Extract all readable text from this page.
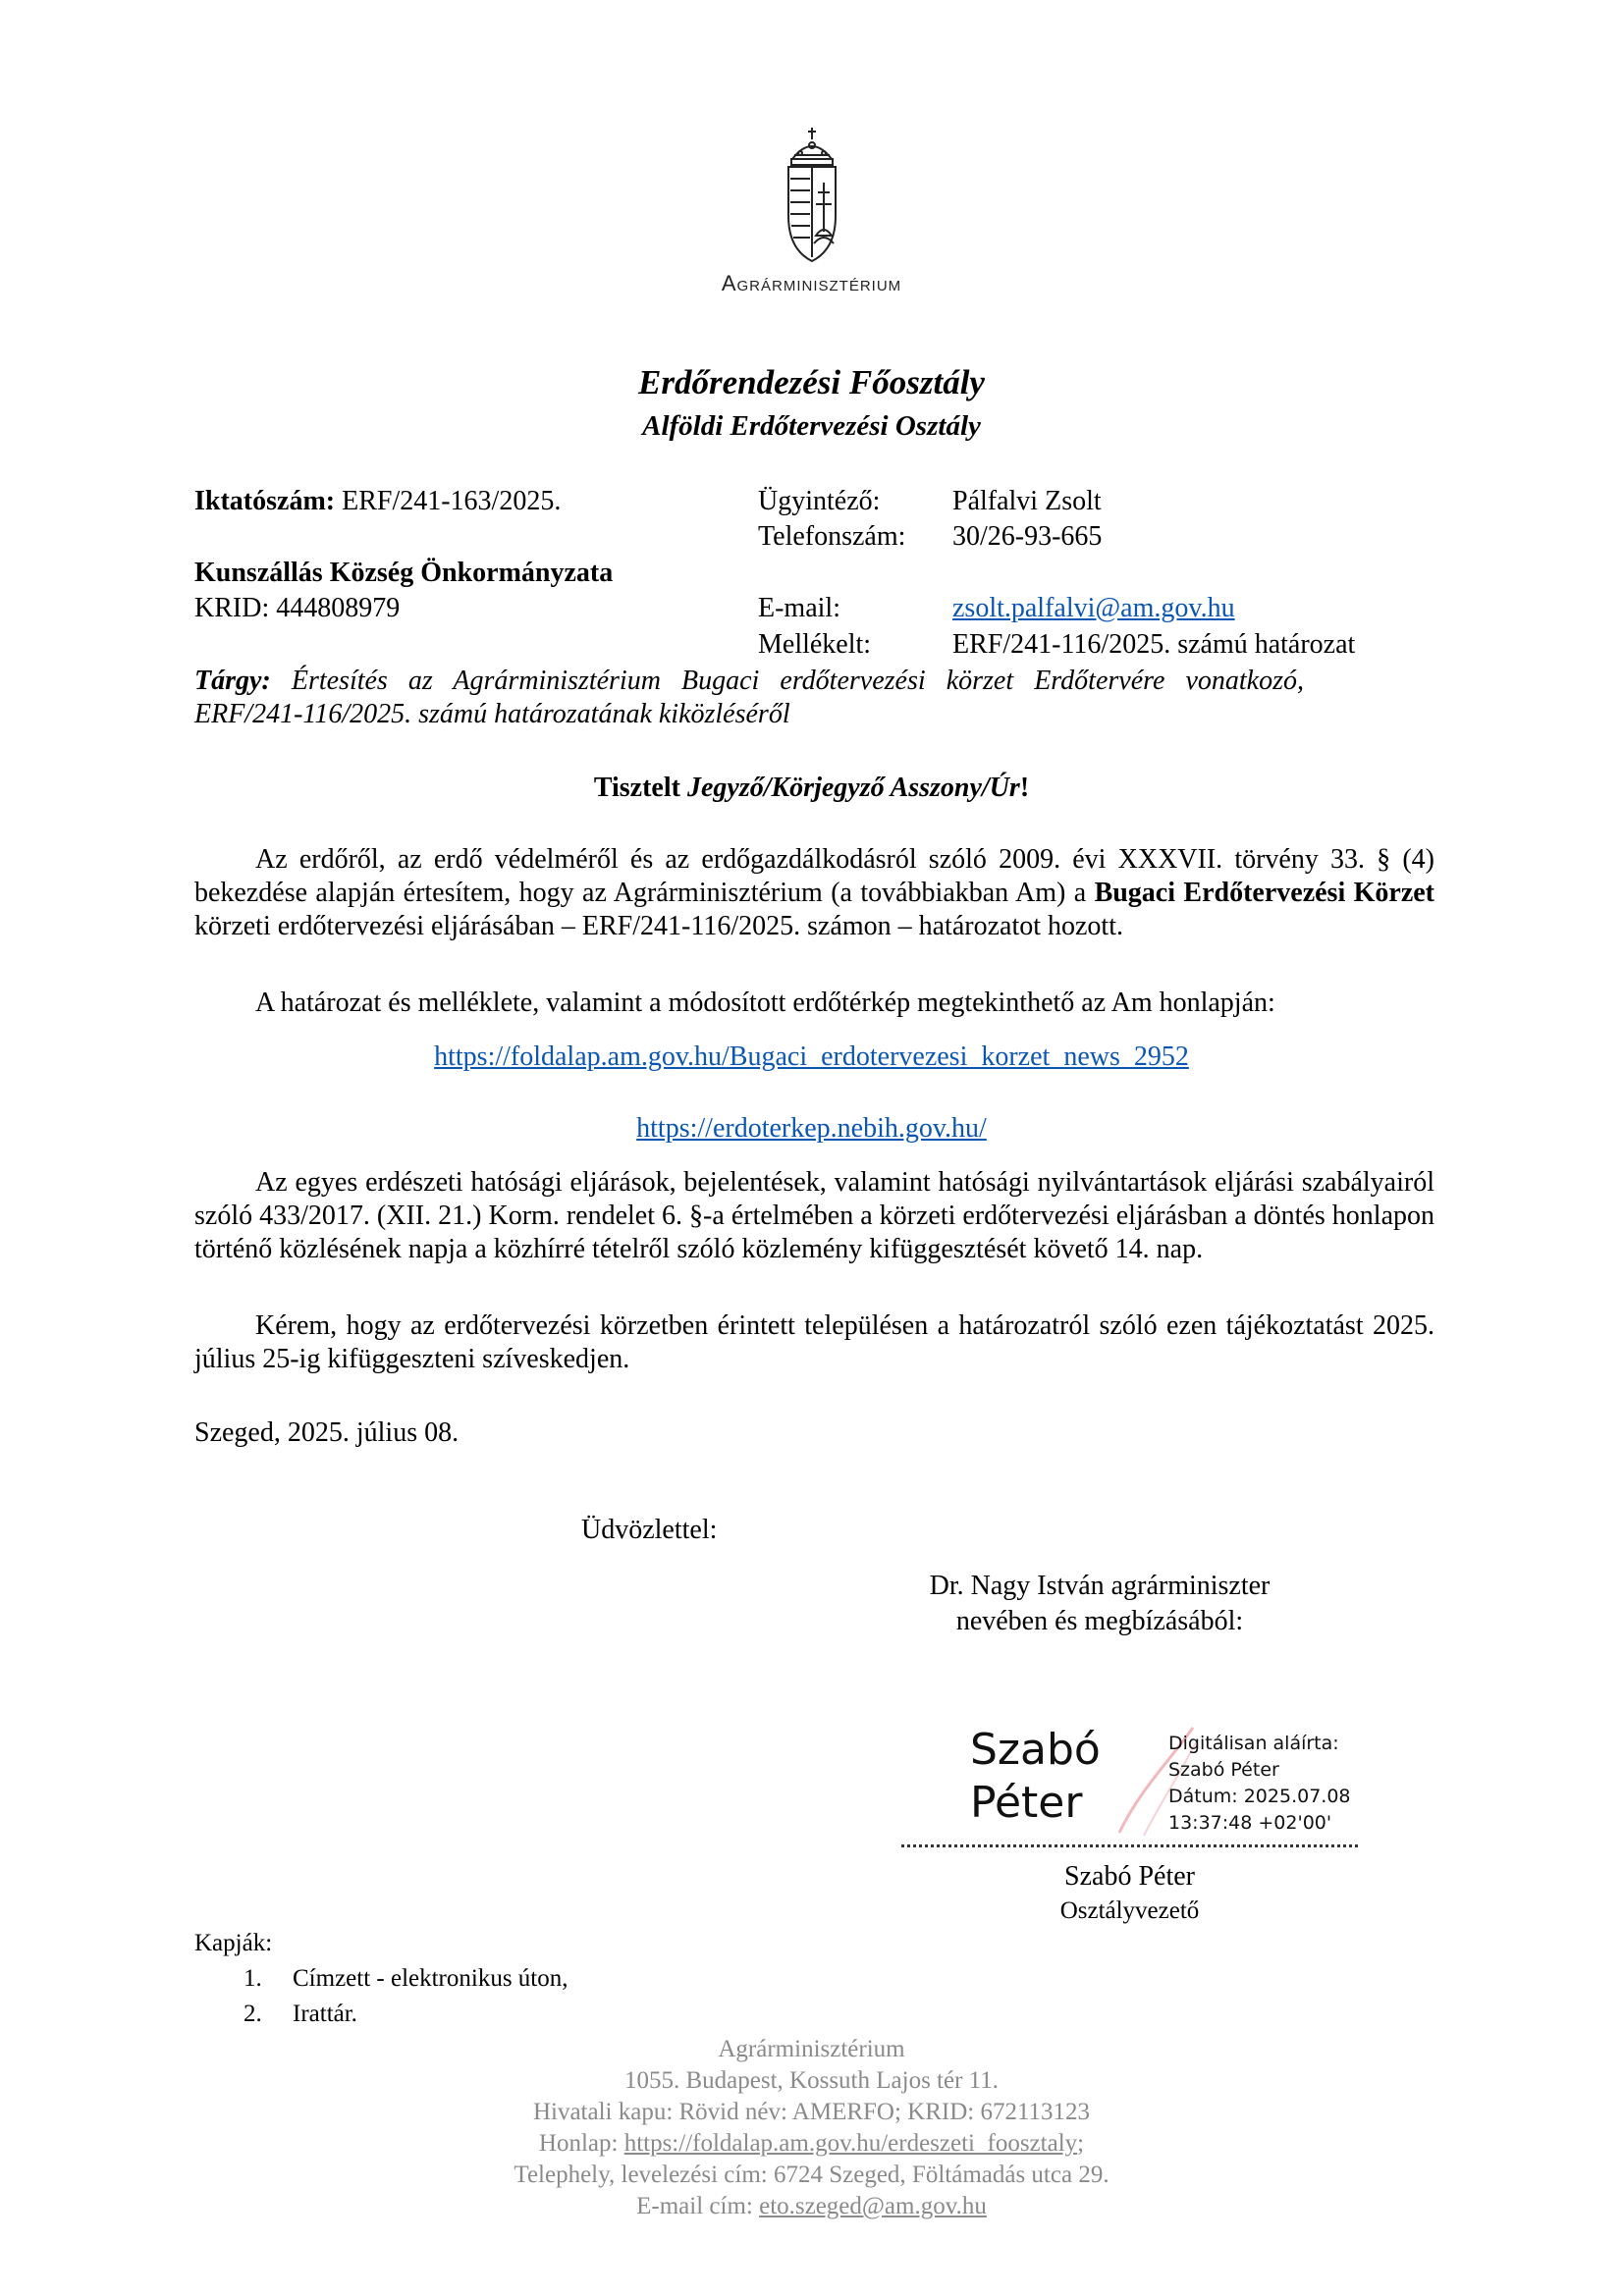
Agrárminisztérium
Erdőrendezési Főosztály
Alföldi Erdőtervezési Osztály
Iktatószám: ERF/241-163/2025.
Kunszállás Község Önkormányzata
KRID: 444808979
Ügyintéző:	Pálfalvi Zsolt
Telefonszám: 30/26-93-665
E-mail:	zsolt.palfalvi@am.gov.hu
Mellékelt:	ERF/241-116/2025. számú határozat
Tárgy: Értesítés az Agrárminisztérium Bugaci erdőtervezési körzet Erdőtervére vonatkozó, ERF/241-116/2025. számú határozatának kiközléséről
Tisztelt Jegyző/Körjegyző Asszony/Úr!
Az erdőről, az erdő védelméről és az erdőgazdálkodásról szóló 2009. évi XXXVII. törvény 33. § (4) bekezdése alapján értesítem, hogy az Agrárminisztérium (a továbbiakban Am) a Bugaci Erdőtervezési Körzet körzeti erdőtervezési eljárásában – ERF/241-116/2025. számon – határozatot hozott.
A határozat és melléklete, valamint a módosított erdőtérkép megtekinthető az Am honlapján:
https://foldalap.am.gov.hu/Bugaci_erdotervezesi_korzet_news_2952
https://erdoterkep.nebih.gov.hu/
Az egyes erdészeti hatósági eljárások, bejelentések, valamint hatósági nyilvántartások eljárási szabályairól szóló 433/2017. (XII. 21.) Korm. rendelet 6. §-a értelmében a körzeti erdőtervezési eljárásban a döntés honlapon történő közlésének napja a közhírré tételről szóló közlemény kifüggesztését követő 14. nap.
Kérem, hogy az erdőtervezési körzetben érintett településen a határozatról szóló ezen tájékoztatást 2025. július 25-ig kifüggeszteni szíveskedjen.
Szeged, 2025. július 08.
Üdvözlettel:
Dr. Nagy István agrárminiszter
nevében és megbízásából:
Szabó
Péter
Digitálisan aláírta:
Szabó Péter
Dátum: 2025.07.08
13:37:48 +02'00'
Szabó Péter
Osztályvezető
Kapják:
1. Címzett - elektronikus úton,
2. Irattár.
Agrárminisztérium
1055. Budapest, Kossuth Lajos tér 11.
Hivatali kapu: Rövid név: AMERFO; KRID: 672113123
Honlap: https://foldalap.am.gov.hu/erdeszeti_foosztaly;
Telephely, levelezési cím: 6724 Szeged, Föltámadás utca 29.
E-mail cím: eto.szeged@am.gov.hu
